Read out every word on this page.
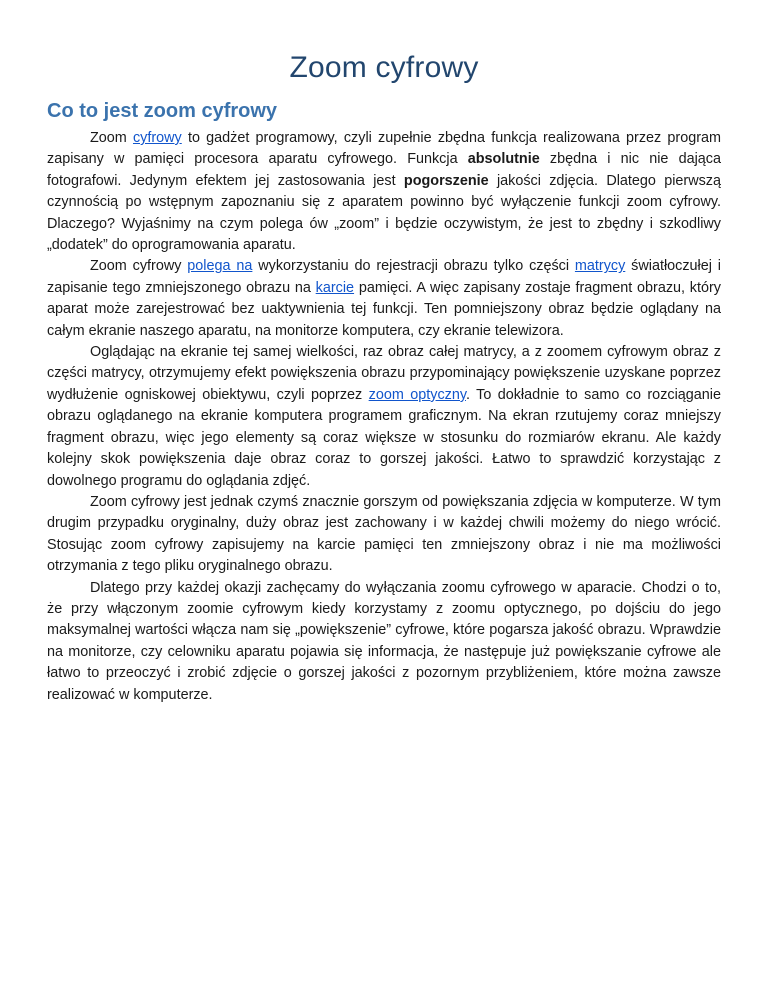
Zoom cyfrowy
Co to jest zoom cyfrowy

Zoom cyfrowy to gadżet programowy, czyli zupełnie zbędna funkcja realizowana przez program zapisany w pamięci procesora aparatu cyfrowego. Funkcja absolutnie zbędna i nic nie dająca fotografowi. Jedynym efektem jej zastosowania jest pogorszenie jakości zdjęcia. Dlatego pierwszą czynnością po wstępnym zapoznaniu się z aparatem powinno być wyłączenie funkcji zoom cyfrowy. Dlaczego? Wyjaśnimy na czym polega ów „zoom” i będzie oczywistym, że jest to zbędny i szkodliwy „dodatek” do oprogramowania aparatu.

Zoom cyfrowy polega na wykorzystaniu do rejestracji obrazu tylko części matrycy światłoczułej i zapisanie tego zmniejszonego obrazu na karcie pamięci. A więc zapisany zostaje fragment obrazu, który aparat może zarejestrować bez uaktywnienia tej funkcji. Ten pomniejszony obraz będzie oglądany na całym ekranie naszego aparatu, na monitorze komputera, czy ekranie telewizora.

Oglądając na ekranie tej samej wielkości, raz obraz całej matrycy, a z zoomem cyfrowym obraz z części matrycy, otrzymujemy efekt powiększenia obrazu przypominający powiększenie uzyskane poprzez wydłużenie ogniskowej obiektywu, czyli poprzez zoom optyczny. To dokładnie to samo co rozciąganie obrazu oglądanego na ekranie komputera programem graficznym. Na ekran rzutujemy coraz mniejszy fragment obrazu, więc jego elementy są coraz większe w stosunku do rozmiarów ekranu. Ale każdy kolejny skok powiększenia daje obraz coraz to gorszej jakości. Łatwo to sprawdzić korzystając z dowolnego programu do oglądania zdjęć.

Zoom cyfrowy jest jednak czymś znacznie gorszym od powiększania zdjęcia w komputerze. W tym drugim przypadku oryginalny, duży obraz jest zachowany i w każdej chwili możemy do niego wrócić. Stosując zoom cyfrowy zapisujemy na karcie pamięci ten zmniejszony obraz i nie ma możliwości otrzymania z tego pliku oryginalnego obrazu.

Dlatego przy każdej okazji zachęcamy do wyłączania zoomu cyfrowego w aparacie. Chodzi o to, że przy włączonym zoomie cyfrowym kiedy korzystamy z zoomu optycznego, po dojściu do jego maksymalnej wartości włącza nam się „powiększenie” cyfrowe, które pogarsza jakość obrazu. Wprawdzie na monitorze, czy celowniku aparatu pojawia się informacja, że następuje już powiększanie cyfrowe ale łatwo to przeoczyć i zrobić zdjęcie o gorszej jakości z pozornym przybliżeniem, które można zawsze realizować w komputerze.
